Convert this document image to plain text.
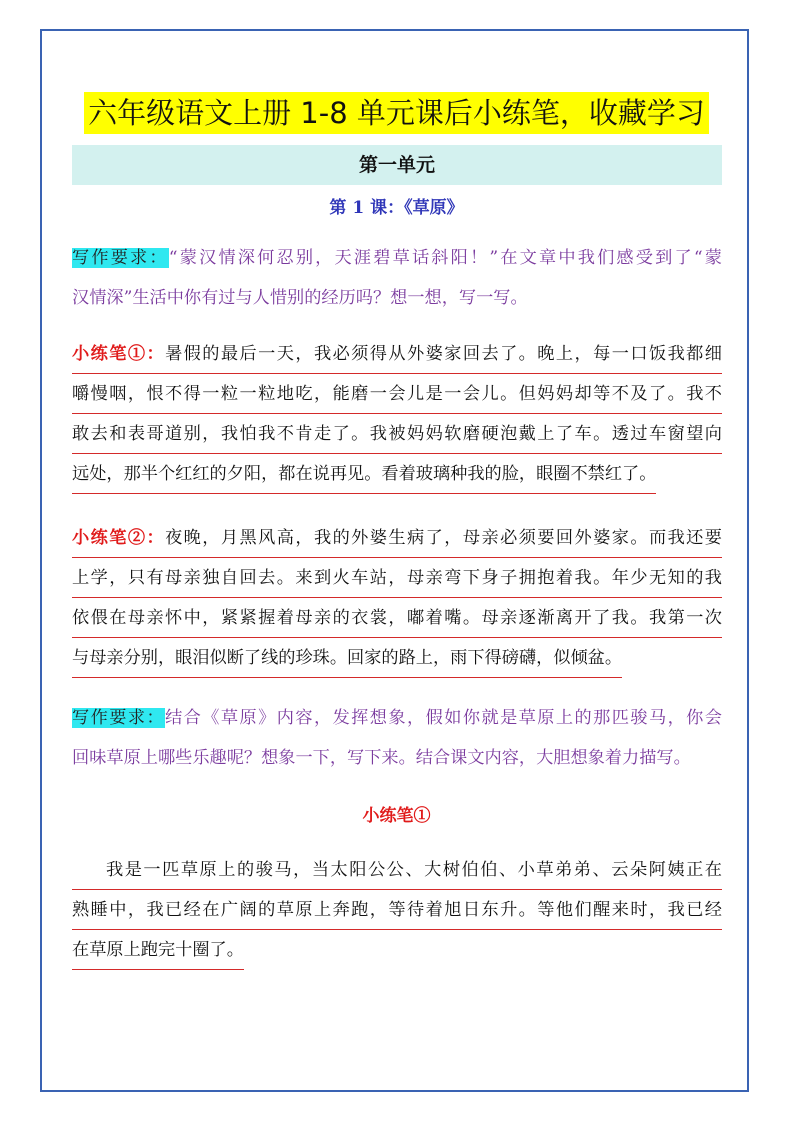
六年级语文上册 1-8 单元课后小练笔，收藏学习
第一单元
第 1 课：《草原》
写作要求：“蒙汉情深何忍别，天涯碧草话斜阳！”在文章中我们感受到了“蒙
汉情深”生活中你有过与人惜别的经历吗？想一想，写一写。
小练笔①：暑假的最后一天，我必须得从外婆家回去了。晚上，每一口饭我都细
嚼慢咽，恨不得一粒一粒地吃，能磨一会儿是一会儿。但妈妈却等不及了。我不
敢去和表哥道别，我怕我不肯走了。我被妈妈软磨硬泡戴上了车。透过车窗望向
远处，那半个红红的夕阳，都在说再见。看着玻璃种我的脸，眼圈不禁红了。
小练笔②：夜晚，月黑风高，我的外婆生病了，母亲必须要回外婆家。而我还要
上学，只有母亲独自回去。来到火车站，母亲弯下身子拥抱着我。年少无知的我
依偎在母亲怀中，紧紧握着母亲的衣裳，嘟着嘴。母亲逐渐离开了我。我第一次
与母亲分别，眼泪似断了线的珍珠。回家的路上，雨下得磅礴，似倾盆。
写作要求：结合《草原》内容，发挥想象，假如你就是草原上的那匹骏马，你会
回味草原上哪些乐趣呢？想象一下，写下来。结合课文内容，大胆想象着力描写。
小练笔①
我是一匹草原上的骏马，当太阳公公、大树伯伯、小草弟弟、云朵阿姨正在
熟睡中，我已经在广阔的草原上奔跑，等待着旭日东升。等他们醒来时，我已经
在草原上跑完十圈了。
